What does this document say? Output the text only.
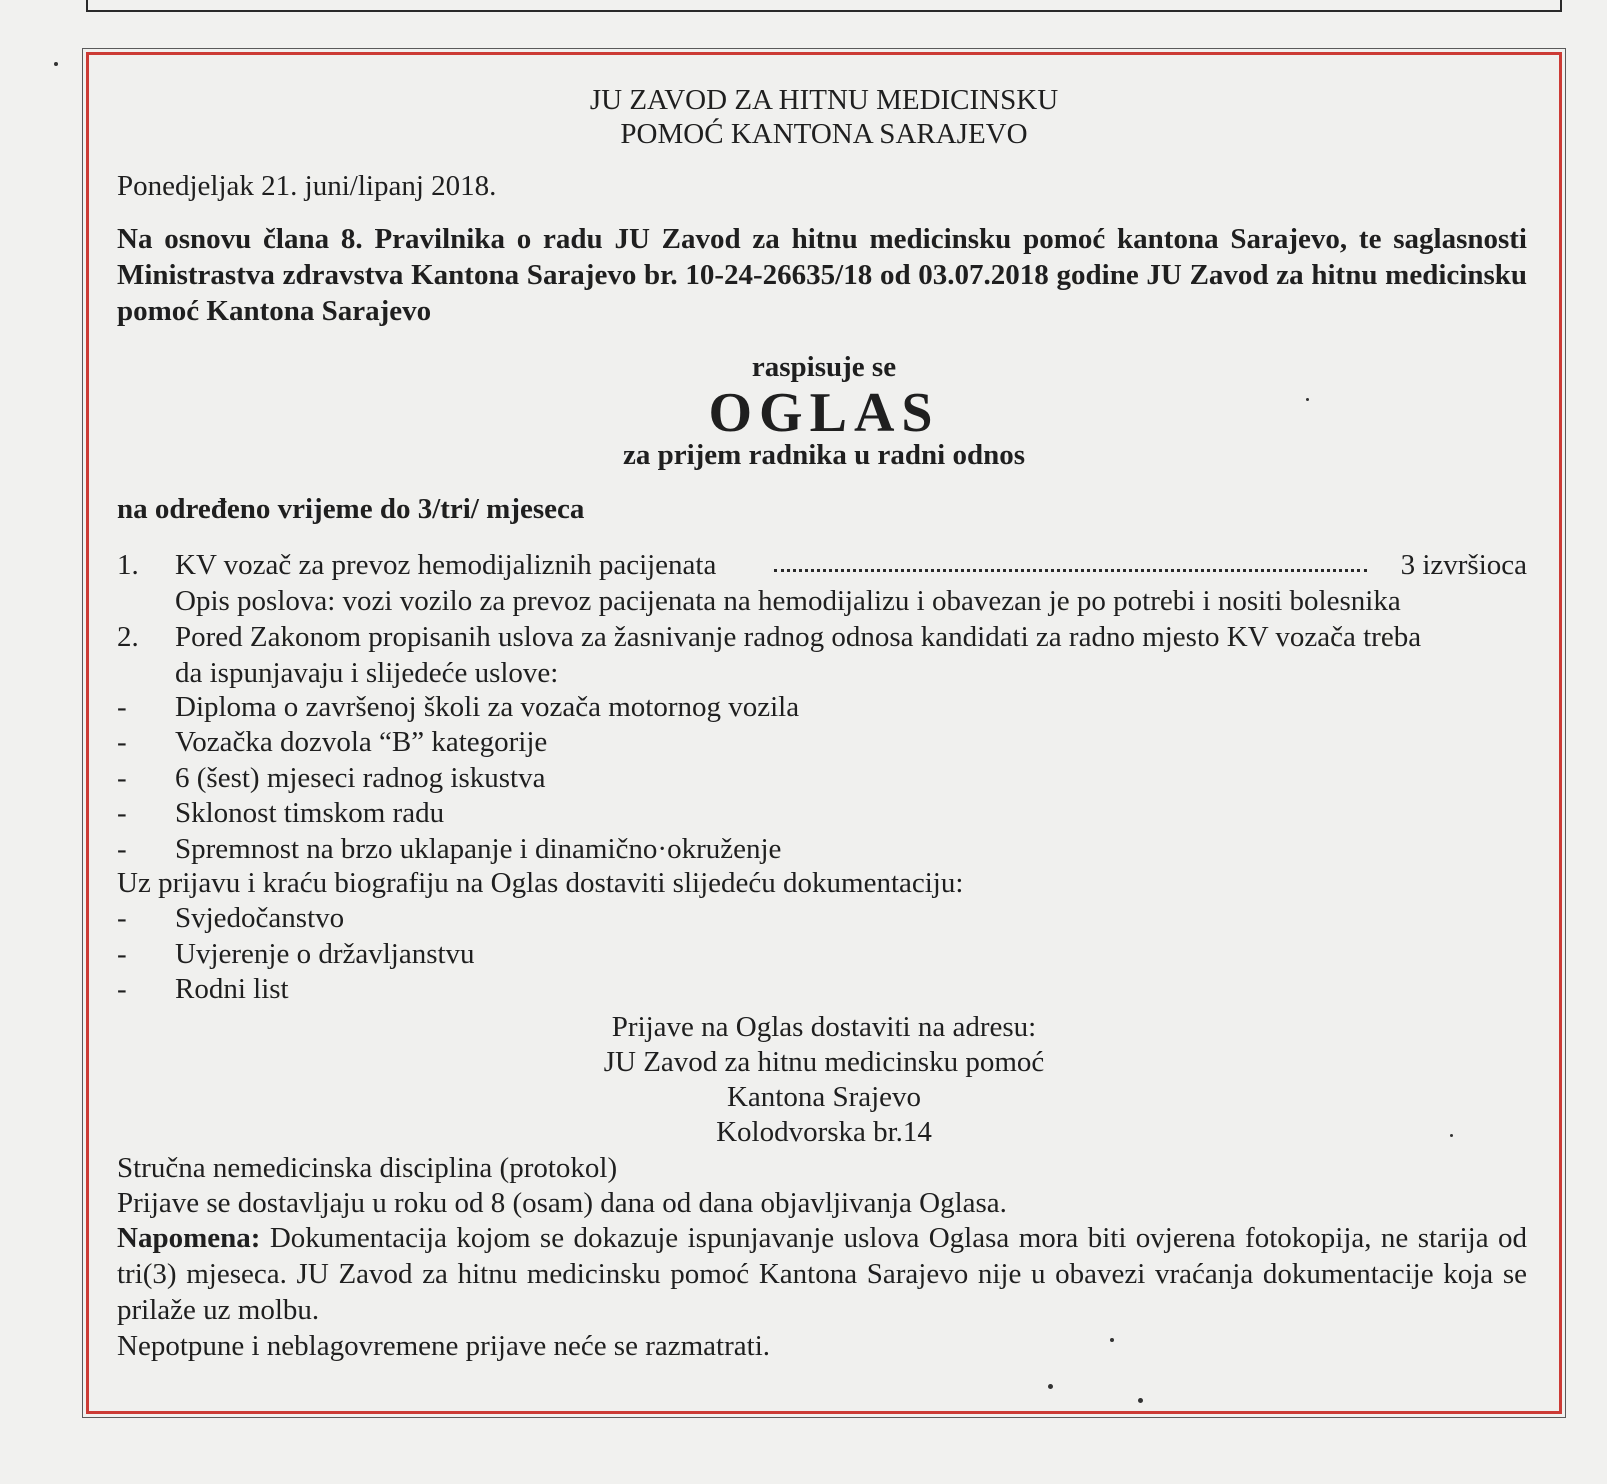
JU ZAVOD ZA HITNU MEDICINSKU
POMOĆ KANTONA SARAJEVO
Ponedjeljak 21. juni/lipanj 2018.
Na osnovu člana 8. Pravilnika o radu JU Zavod za hitnu medicinsku pomoć kantona Sarajevo, te saglasnosti Ministrastva zdravstva Kantona Sarajevo br. 10-24-26635/18 od 03.07.2018 godine JU Zavod za hitnu medicinsku pomoć Kantona Sarajevo
raspisuje se
OGLAS
za prijem radnika u radni odnos
na određeno vrijeme do 3/tri/ mjeseca
1. KV vozač za prevoz hemodijaliznih pacijenata	3 izvršioca
Opis poslova: vozi vozilo za prevoz pacijenata na hemodijalizu i obavezan je po potrebi i nositi bolesnika
2. Pored Zakonom propisanih uslova za žasnivanje radnog odnosa kandidati za radno mjesto KV vozača treba
da ispunjavaju i slijedeće uslove:
- Diploma o završenoj školi za vozača motornog vozila
- Vozačka dozvola “B” kategorije
- 6 (šest) mjeseci radnog iskustva
- Sklonost timskom radu
- Spremnost na brzo uklapanje i dinamično·okruženje
Uz prijavu i kraću biografiju na Oglas dostaviti slijedeću dokumentaciju:
- Svjedočanstvo
- Uvjerenje o državljanstvu
- Rodni list
Prijave na Oglas dostaviti na adresu:
JU Zavod za hitnu medicinsku pomoć
Kantona Srajevo
Kolodvorska br.14
Stručna nemedicinska disciplina (protokol)
Prijave se dostavljaju u roku od 8 (osam) dana od dana objavljivanja Oglasa.
Napomena: Dokumentacija kojom se dokazuje ispunjavanje uslova Oglasa mora biti ovjerena fotokopija, ne starija od tri(3) mjeseca. JU Zavod za hitnu medicinsku pomoć Kantona Sarajevo nije u obavezi vraćanja dokumentacije koja se prilaže uz molbu.
Nepotpune i neblagovremene prijave neće se razmatrati.
